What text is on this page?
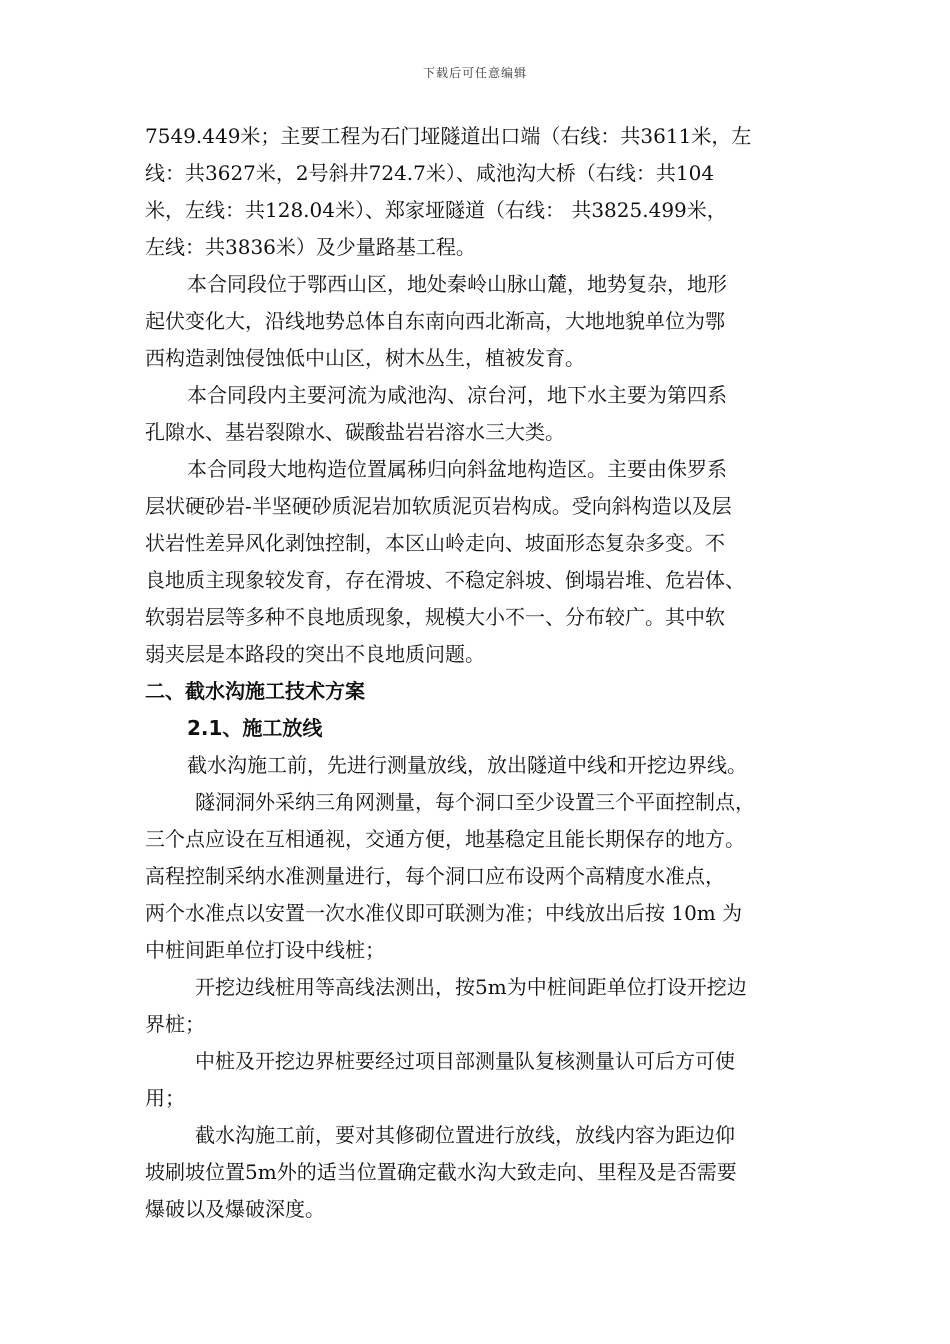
下载后可任意编辑
7549.449米；主要工程为石门垭隧道出口端（右线：共3611米，左
线：共3627米，2号斜井724.7米）、咸池沟大桥（右线：共104
米，左线：共128.04米）、郑家垭隧道（右线： 共3825.499米，
左线：共3836米）及少量路基工程。
本合同段位于鄂西山区，地处秦岭山脉山麓，地势复杂，地形
起伏变化大，沿线地势总体自东南向西北渐高，大地地貌单位为鄂
西构造剥蚀侵蚀低中山区，树木丛生，植被发育。
本合同段内主要河流为咸池沟、凉台河，地下水主要为第四系
孔隙水、基岩裂隙水、碳酸盐岩岩溶水三大类。
本合同段大地构造位置属秭归向斜盆地构造区。主要由侏罗系
层状硬砂岩-半坚硬砂质泥岩加软质泥页岩构成。受向斜构造以及层
状岩性差异风化剥蚀控制，本区山岭走向、坡面形态复杂多变。不
良地质主现象较发育，存在滑坡、不稳定斜坡、倒塌岩堆、危岩体、
软弱岩层等多种不良地质现象，规模大小不一、分布较广。其中软
弱夹层是本路段的突出不良地质问题。
二、截水沟施工技术方案
2.1、施工放线
截水沟施工前，先进行测量放线，放出隧道中线和开挖边界线。
隧洞洞外采纳三角网测量，每个洞口至少设置三个平面控制点，
三个点应设在互相通视，交通方便，地基稳定且能长期保存的地方。
高程控制采纳水准测量进行，每个洞口应布设两个高精度水准点，
两个水准点以安置一次水准仪即可联测为准；中线放出后按 10m 为
中桩间距单位打设中线桩；
开挖边线桩用等高线法测出，按5m为中桩间距单位打设开挖边
界桩；
中桩及开挖边界桩要经过项目部测量队复核测量认可后方可使
用；
截水沟施工前，要对其修砌位置进行放线，放线内容为距边仰
坡刷坡位置5m外的适当位置确定截水沟大致走向、里程及是否需要
爆破以及爆破深度。
